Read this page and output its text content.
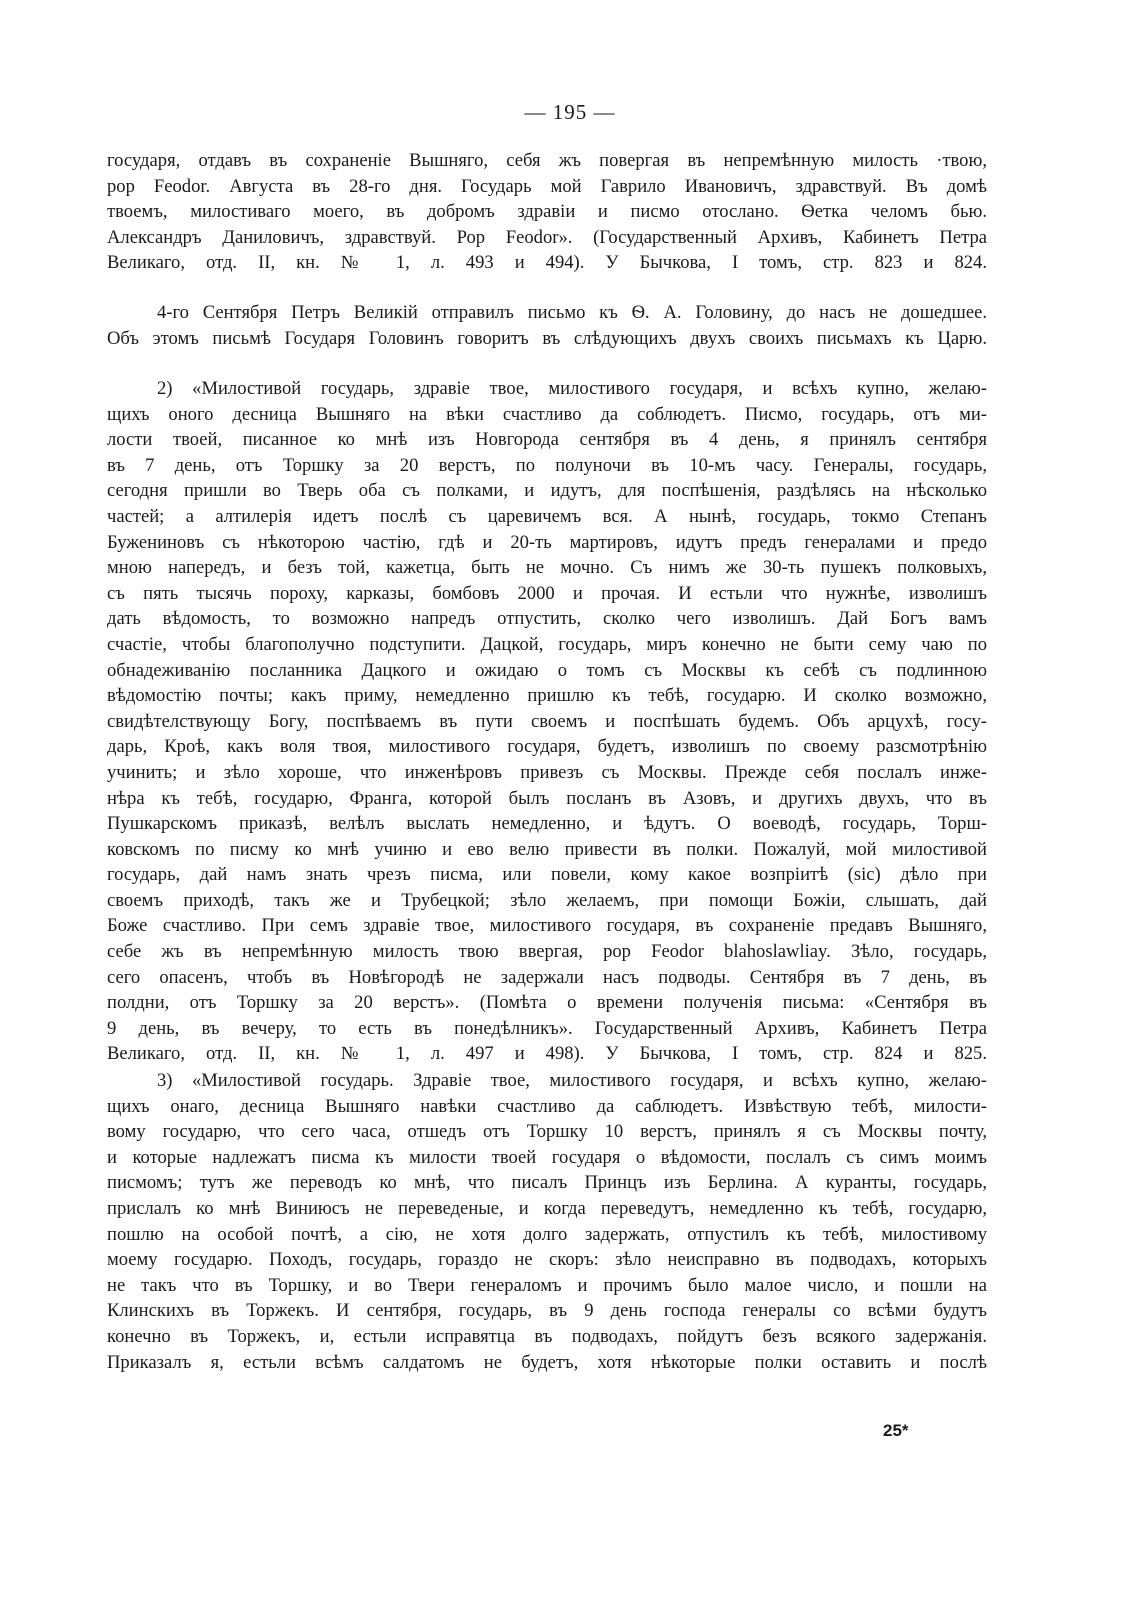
— 195 —
государя, отдавъ въ сохраненіе Вышняго, себя жъ повергая въ непремѣнную милость ·твою,
poр Feodor. Августа въ 28-го дня. Государь мой Гаврило Ивановичъ, здравствуй. Въ домѣ
твоемъ, милостиваго моего, въ добромъ здравіи и писмо отослано. Ѳетка челомъ бью.
Александръ Даниловичъ, здравствуй. Рор Feodor». (Государственный Архивъ, Кабинетъ Петра
Великаго, отд. II, кн. № 1, л. 493 и 494). У Бычкова, I томъ, стр. 823 и 824.
4-го Сентября Петръ Великій отправилъ письмо къ Ѳ. А. Головину, до насъ не дошедшее.
Объ этомъ письмѣ Государя Головинъ говоритъ въ слѣдующихъ двухъ своихъ письмахъ къ Царю.
2) «Милостивой государь, здравіе твое, милостивого государя, и всѣхъ купно, желаю-
щихъ оного десница Вышняго на вѣки счастливо да соблюдетъ. Писмо, государь, отъ ми-
лости твоей, писанное ко мнѣ изъ Новгорода сентября въ 4 день, я принялъ сентября
въ 7 день, отъ Торшку за 20 верстъ, по полуночи въ 10-мъ часу. Генералы, государь,
сегодня пришли во Тверь оба съ полками, и идутъ, для поспѣшенія, раздѣлясь на нѣсколько
частей; а алтилерія идетъ послѣ съ царевичемъ вся. А нынѣ, государь, токмо Степанъ
Бужениновъ съ нѣкоторою частію, гдѣ и 20-ть мартировъ, идутъ предъ генералами и предо
мною напередъ, и безъ той, кажетца, быть не мочно. Съ нимъ же 30-ть пушекъ полковыхъ,
съ пять тысячь пороху, карказы, бомбовъ 2000 и прочая. И естьли что нужнѣе, изволишъ
дать вѣдомость, то возможно напредъ отпустить, сколко чего изволишъ. Дай Богъ вамъ
счастіе, чтобы благополучно подступити. Дацкой, государь, миръ конечно не быти сему чаю по
обнадеживанію посланника Дацкого и ожидаю о томъ съ Москвы къ себѣ съ подлинною
вѣдомостію почты; какъ приму, немедленно пришлю къ тебѣ, государю. И сколко возможно,
свидѣтелствующу Богу, поспѣваемъ въ пути своемъ и поспѣшать будемъ. Объ арцухѣ, госу-
дарь, Кроѣ, какъ воля твоя, милостивого государя, будетъ, изволишъ по своему разсмотрѣнію
учинить; и зѣло хороше, что инженѣровъ привезъ съ Москвы. Прежде себя послалъ инже-
нѣра къ тебѣ, государю, Франга, которой былъ посланъ въ Азовъ, и другихъ двухъ, что въ
Пушкарскомъ приказѣ, велѣлъ выслать немедленно, и ѣдутъ. О воеводѣ, государь, Торш-
ковскомъ по писму ко мнѣ учиню и ево велю привести въ полки. Пожалуй, мой милостивой
государь, дай намъ знать чрезъ писма, или повели, кому какое возпріитѣ (sic) дѣло при
своемъ приходѣ, такъ же и Трубецкой; зѣло желаемъ, при помощи Божіи, слышать, дай
Боже счастливо. При семъ здравіе твое, милостивого государя, въ сохраненіе предавъ Вышняго,
себе жъ въ непремѣнную милость твою ввергая, рор Feodor blahoslawliay. Зѣло, государь,
сего опасенъ, чтобъ въ Новѣгородѣ не задержали насъ подводы. Сентября въ 7 день, въ
полдни, отъ Торшку за 20 верстъ». (Помѣта о времени полученія письма: «Сентября въ
9 день, въ вечеру, то есть въ понедѣлникъ». Государственный Архивъ, Кабинетъ Петра
Великаго, отд. II, кн. № 1, л. 497 и 498). У Бычкова, I томъ, стр. 824 и 825.
3) «Милостивой государь. Здравіе твое, милостивого государя, и всѣхъ купно, желаю-
щихъ онаго, десница Вышняго навѣки счастливо да саблюдетъ. Извѣствую тебѣ, милости-
вому государю, что сего часа, отшедъ отъ Торшку 10 верстъ, принялъ я съ Москвы почту,
и которые надлежатъ писма къ милости твоей государя о вѣдомости, послалъ съ симъ моимъ
писмомъ; тутъ же переводъ ко мнѣ, что писалъ Принцъ изъ Берлина. А куранты, государь,
прислалъ ко мнѣ Виниюсъ не переведеные, и когда переведутъ, немедленно къ тебѣ, государю,
пошлю на особой почтѣ, а сію, не хотя долго задержать, отпустилъ къ тебѣ, милостивому
моему государю. Походъ, государь, гораздо не скоръ: зѣло неисправно въ подводахъ, которыхъ
не такъ что въ Торшку, и во Твери генераломъ и прочимъ было малое число, и пошли на
Клинскихъ въ Торжекъ. И сентября, государь, въ 9 день господа генералы со всѣми будутъ
конечно въ Торжекъ, и, естьли исправятца въ подводахъ, пойдутъ безъ всякого задержанія.
Приказалъ я, естьли всѣмъ салдатомъ не будетъ, хотя нѣкоторые полки оставить и послѣ
25*
